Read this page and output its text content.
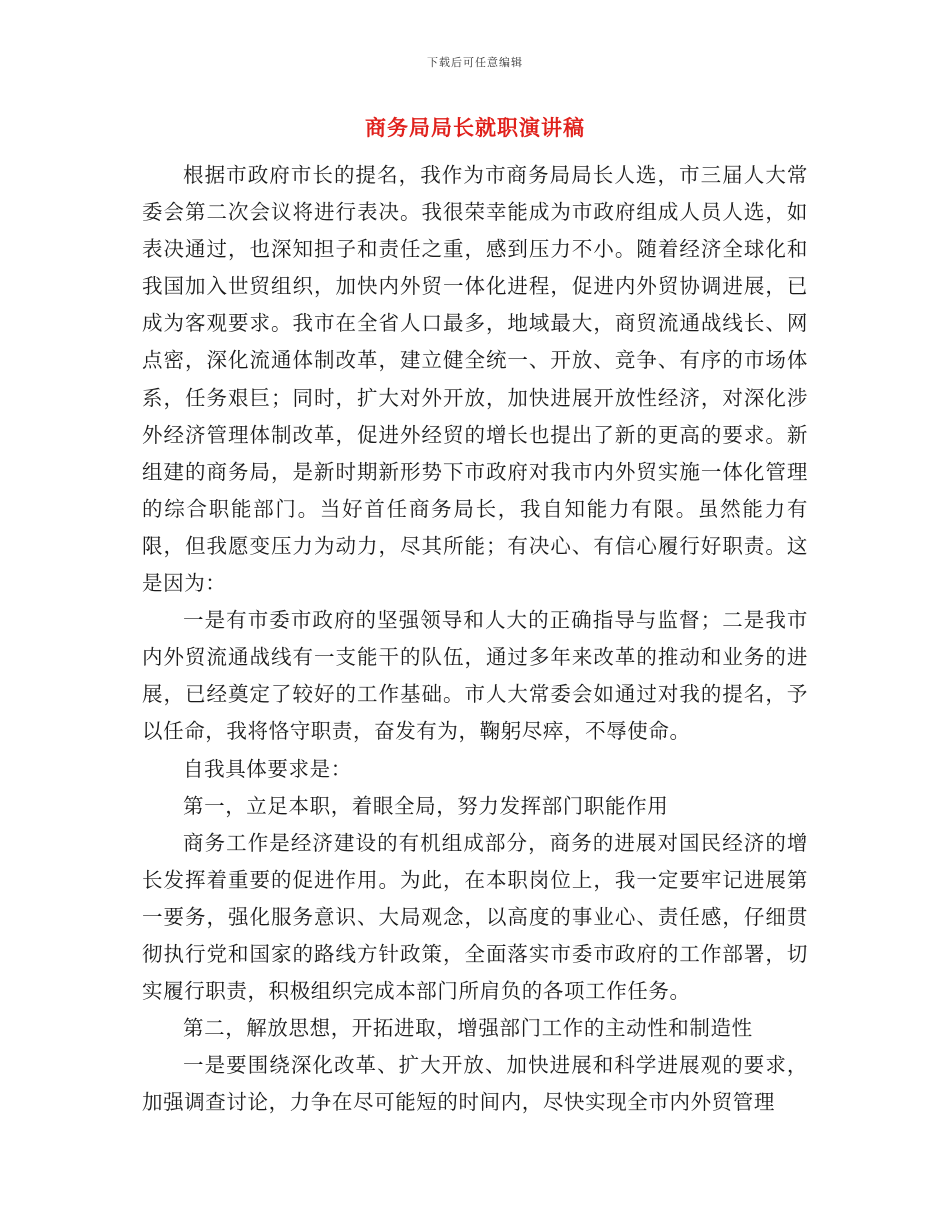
下载后可任意编辑
商务局局长就职演讲稿

根据市政府市长的提名，我作为市商务局局长人选，市三届人大常委会第二次会议将进行表决。我很荣幸能成为市政府组成人员人选，如表决通过，也深知担子和责任之重，感到压力不小。随着经济全球化和我国加入世贸组织，加快内外贸一体化进程，促进内外贸协调进展，已成为客观要求。我市在全省人口最多，地域最大，商贸流通战线长、网点密，深化流通体制改革，建立健全统一、开放、竞争、有序的市场体系，任务艰巨；同时，扩大对外开放，加快进展开放性经济，对深化涉外经济管理体制改革，促进外经贸的增长也提出了新的更高的要求。新组建的商务局，是新时期新形势下市政府对我市内外贸实施一体化管理的综合职能部门。当好首任商务局长，我自知能力有限。虽然能力有限，但我愿变压力为动力，尽其所能；有决心、有信心履行好职责。这是因为：

一是有市委市政府的坚强领导和人大的正确指导与监督；二是我市内外贸流通战线有一支能干的队伍，通过多年来改革的推动和业务的进展，已经奠定了较好的工作基础。市人大常委会如通过对我的提名，予以任命，我将恪守职责，奋发有为，鞠躬尽瘁，不辱使命。

自我具体要求是：

第一，立足本职，着眼全局，努力发挥部门职能作用

商务工作是经济建设的有机组成部分，商务的进展对国民经济的增长发挥着重要的促进作用。为此，在本职岗位上，我一定要牢记进展第一要务，强化服务意识、大局观念，以高度的事业心、责任感，仔细贯彻执行党和国家的路线方针政策，全面落实市委市政府的工作部署，切实履行职责，积极组织完成本部门所肩负的各项工作任务。

第二，解放思想，开拓进取，增强部门工作的主动性和制造性

一是要围绕深化改革、扩大开放、加快进展和科学进展观的要求，加强调查讨论，力争在尽可能短的时间内，尽快实现全市内外贸管理
